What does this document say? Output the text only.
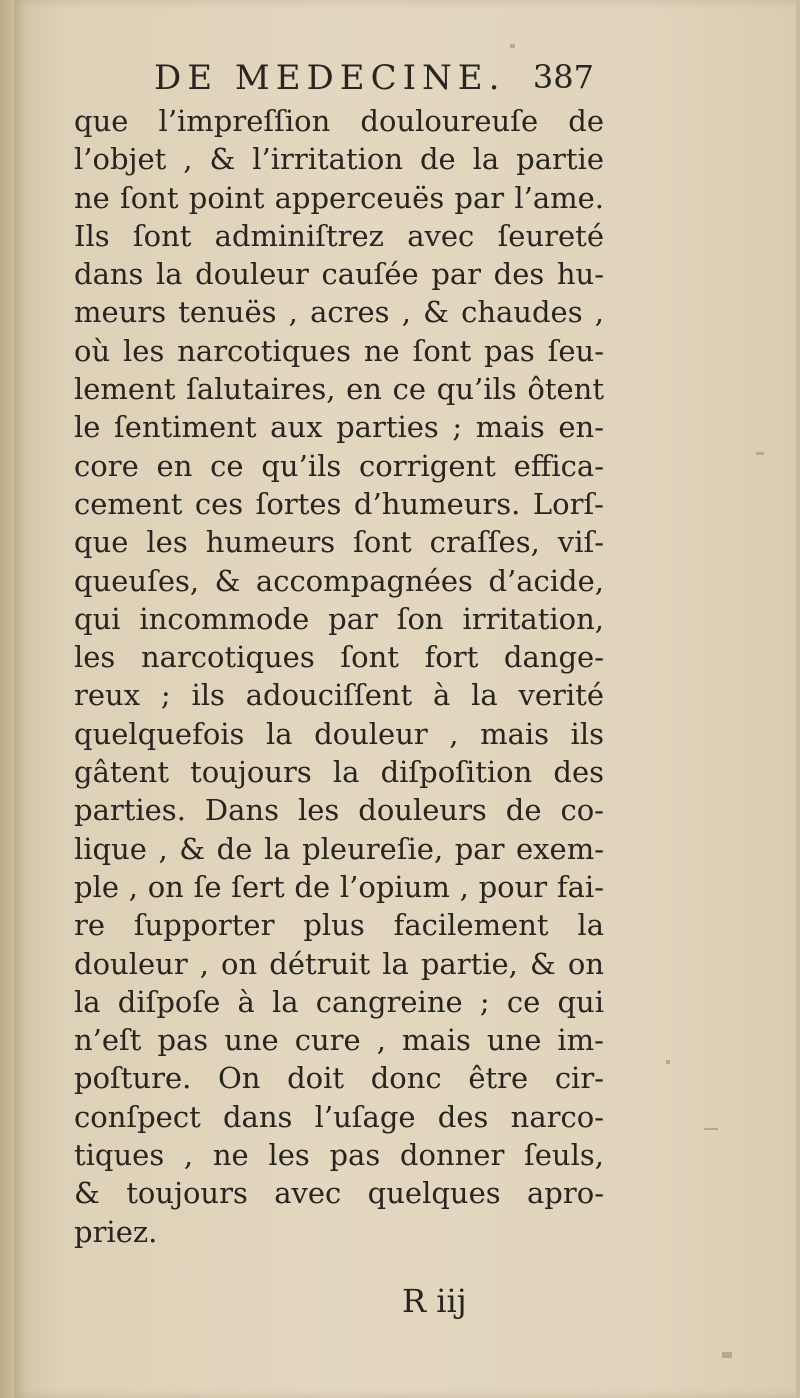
DE MEDECINE. 387
que l’impreſſion douloureuſe de
l’objet , & l’irritation de la partie
ne ſont point apperceuës par l’ame.
Ils ſont adminiſtrez avec ſeureté
dans la douleur cauſée par des hu-
meurs tenuës , acres , & chaudes ,
où les narcotiques ne ſont pas ſeu-
lement ſalutaires, en ce qu’ils ôtent
le ſentiment aux parties ; mais en-
core en ce qu’ils corrigent effica-
cement ces ſortes d’humeurs. Lorſ-
que les humeurs ſont craſſes, viſ-
queuſes, & accompagnées d’acide,
qui incommode par ſon irritation,
les narcotiques ſont fort dange-
reux ; ils adouciſſent à la verité
quelquefois la douleur , mais ils
gâtent toujours la diſpoſition des
parties. Dans les douleurs de co-
lique , & de la pleureſie, par exem-
ple , on ſe ſert de l’opium , pour fai-
re ſupporter plus facilement la
douleur , on détruit la partie, & on
la diſpoſe à la cangreine ; ce qui
n’eſt pas une cure , mais une im-
poſture. On doit donc être cir-
conſpect dans l’uſage des narco-
tiques , ne les pas donner ſeuls,
& toujours avec quelques apro-
priez.
R iij
